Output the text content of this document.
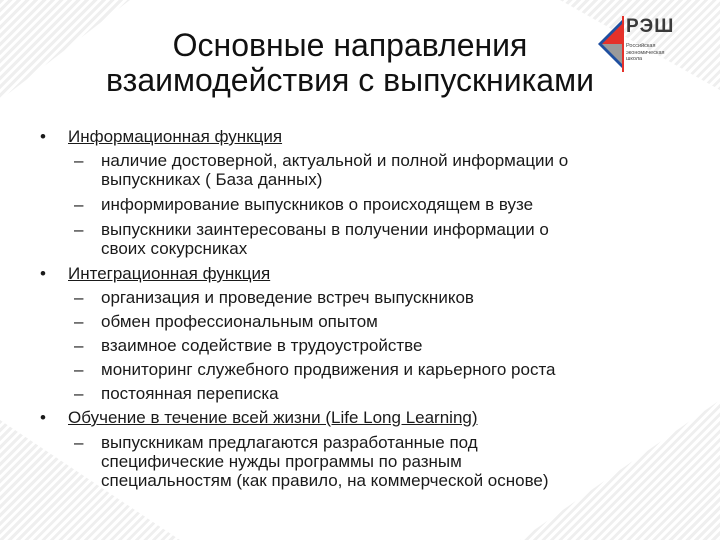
Основные направления
взаимодействия с выпускниками
РЭШ
Российская
экономическая
школа
• Информационная функция
– наличие достоверной, актуальной и полной информации о
выпускниках ( База данных)
– информирование выпускников о происходящем в вузе
– выпускники заинтересованы в получении информации о
своих сокурсниках
• Интеграционная функция
– организация и проведение встреч выпускников
– обмен профессиональным опытом
– взаимное содействие в трудоустройстве
– мониторинг служебного продвижения и карьерного роста
– постоянная переписка
• Обучение в течение всей жизни (Life Long Learning)
– выпускникам предлагаются разработанные под
специфические нужды программы по разным
специальностям (как правило, на коммерческой основе)
